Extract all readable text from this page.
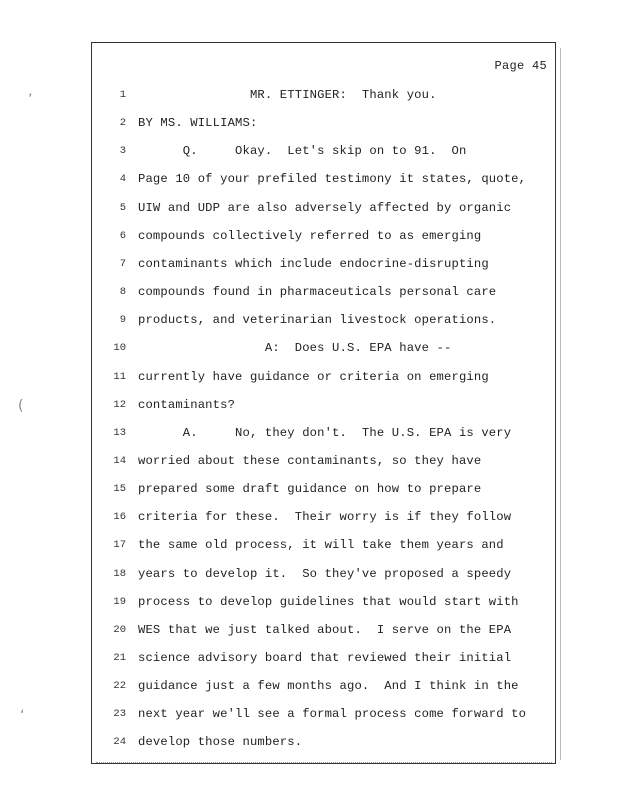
Page 45
1 MR. ETTINGER:  Thank you.
2 BY MS. WILLIAMS:
3 Q.     Okay.  Let's skip on to 91.  On
4 Page 10 of your prefiled testimony it states, quote,
5 UIW and UDP are also adversely affected by organic
6 compounds collectively referred to as emerging
7 contaminants which include endocrine-disrupting
8 compounds found in pharmaceuticals personal care
9 products, and veterinarian livestock operations.
10 A:  Does U.S. EPA have --
11 currently have guidance or criteria on emerging
12 contaminants?
13 A.     No, they don't.  The U.S. EPA is very
14 worried about these contaminants, so they have
15 prepared some draft guidance on how to prepare
16 criteria for these.  Their worry is if they follow
17 the same old process, it will take them years and
18 years to develop it.  So they've proposed a speedy
19 process to develop guidelines that would start with
20 WES that we just talked about.  I serve on the EPA
21 science advisory board that reviewed their initial
22 guidance just a few months ago.  And I think in the
23 next year we'll see a formal process come forward to
24 develop those numbers.
’
(
‘
